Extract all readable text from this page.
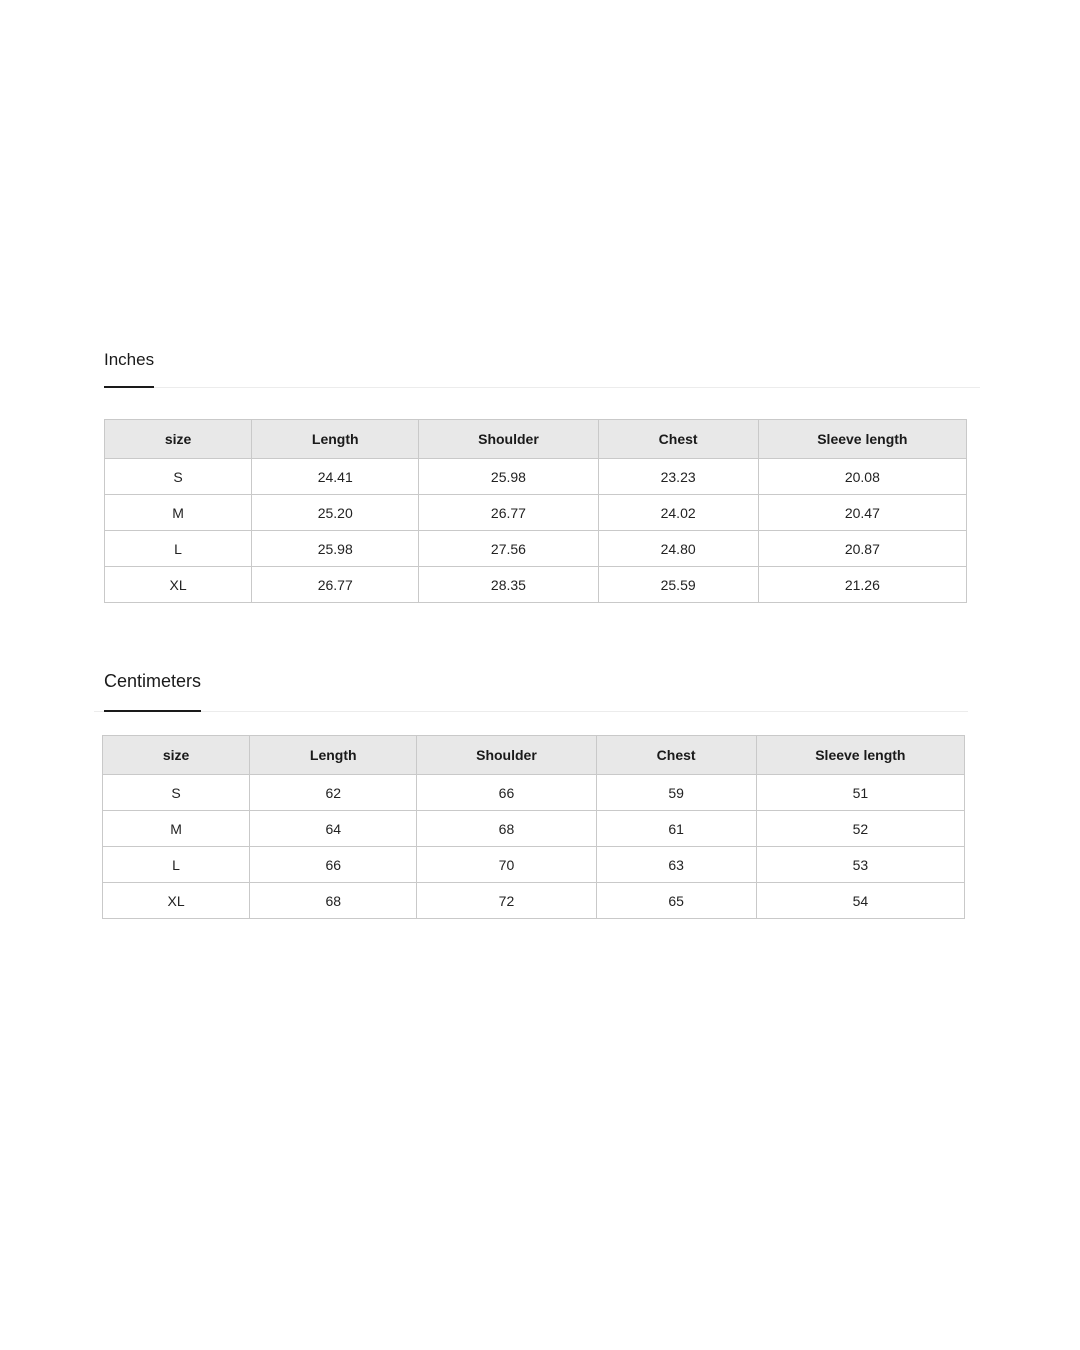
Inches
size	Length	Shoulder	Chest	Sleeve length
S	24.41	25.98	23.23	20.08
M	25.20	26.77	24.02	20.47
L	25.98	27.56	24.80	20.87
XL	26.77	28.35	25.59	21.26
Centimeters
size	Length	Shoulder	Chest	Sleeve length
S	62	66	59	51
M	64	68	61	52
L	66	70	63	53
XL	68	72	65	54
